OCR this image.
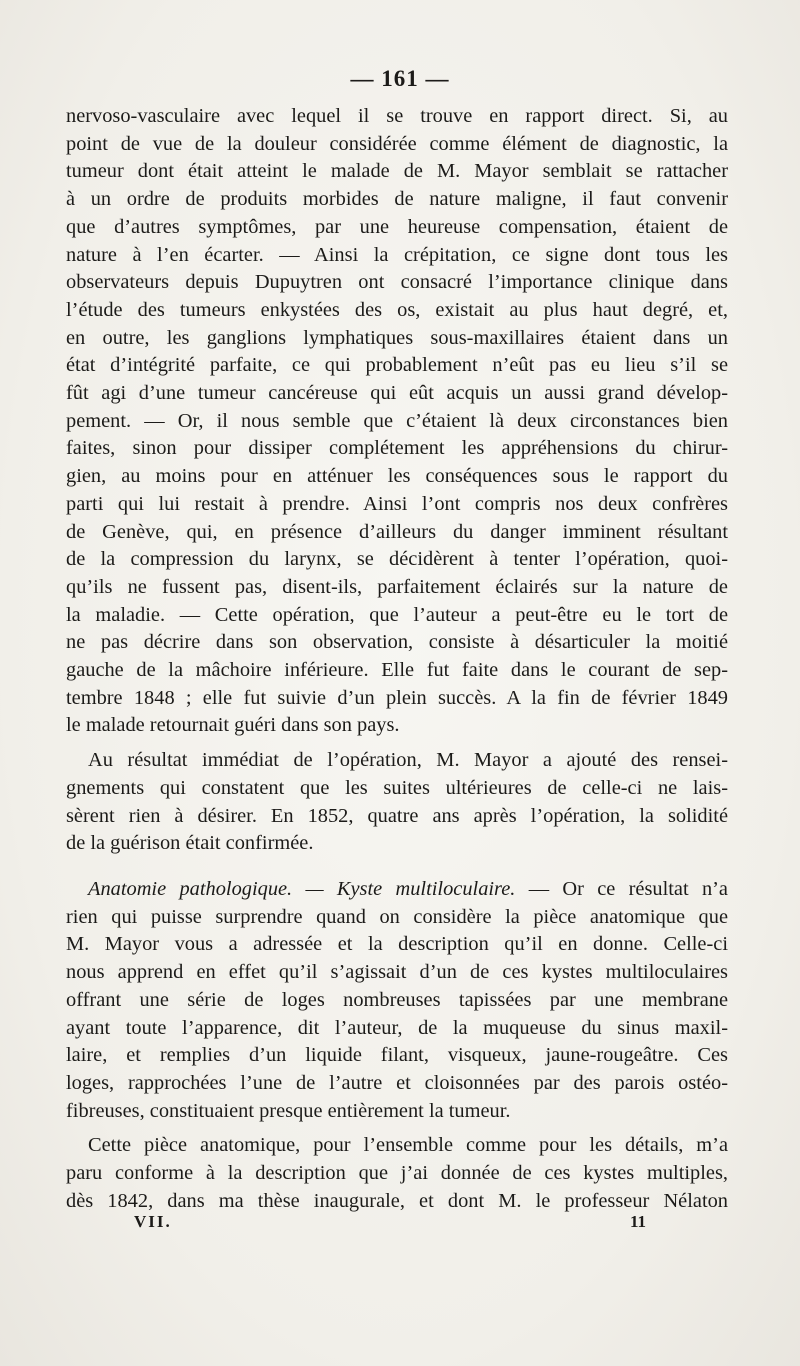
— 161 —
nervoso-vasculaire avec lequel il se trouve en rapport direct. Si, au
point de vue de la douleur considérée comme élément de diagnostic, la
tumeur dont était atteint le malade de M. Mayor semblait se rattacher
à un ordre de produits morbides de nature maligne, il faut convenir
que d’autres symptômes, par une heureuse compensation, étaient de
nature à l’en écarter. — Ainsi la crépitation, ce signe dont tous les
observateurs depuis Dupuytren ont consacré l’importance clinique dans
l’étude des tumeurs enkystées des os, existait au plus haut degré, et,
en outre, les ganglions lymphatiques sous-maxillaires étaient dans un
état d’intégrité parfaite, ce qui probablement n’eût pas eu lieu s’il se
fût agi d’une tumeur cancéreuse qui eût acquis un aussi grand dévelop-
pement. — Or, il nous semble que c’étaient là deux circonstances bien
faites, sinon pour dissiper complétement les appréhensions du chirur-
gien, au moins pour en atténuer les conséquences sous le rapport du
parti qui lui restait à prendre. Ainsi l’ont compris nos deux confrères
de Genève, qui, en présence d’ailleurs du danger imminent résultant
de la compression du larynx, se décidèrent à tenter l’opération, quoi-
qu’ils ne fussent pas, disent-ils, parfaitement éclairés sur la nature de
la maladie. — Cette opération, que l’auteur a peut-être eu le tort de
ne pas décrire dans son observation, consiste à désarticuler la moitié
gauche de la mâchoire inférieure. Elle fut faite dans le courant de sep-
tembre 1848 ; elle fut suivie d’un plein succès. A la fin de février 1849
le malade retournait guéri dans son pays.
Au résultat immédiat de l’opération, M. Mayor a ajouté des rensei-
gnements qui constatent que les suites ultérieures de celle-ci ne lais-
sèrent rien à désirer. En 1852, quatre ans après l’opération, la solidité
de la guérison était confirmée.
Anatomie pathologique. — Kyste multiloculaire. — Or ce résultat n’a
rien qui puisse surprendre quand on considère la pièce anatomique que
M. Mayor vous a adressée et la description qu’il en donne. Celle-ci
nous apprend en effet qu’il s’agissait d’un de ces kystes multiloculaires
offrant une série de loges nombreuses tapissées par une membrane
ayant toute l’apparence, dit l’auteur, de la muqueuse du sinus maxil-
laire, et remplies d’un liquide filant, visqueux, jaune-rougeâtre. Ces
loges, rapprochées l’une de l’autre et cloisonnées par des parois ostéo-
fibreuses, constituaient presque entièrement la tumeur.
Cette pièce anatomique, pour l’ensemble comme pour les détails, m’a
paru conforme à la description que j’ai donnée de ces kystes multiples,
dès 1842, dans ma thèse inaugurale, et dont M. le professeur Nélaton
VII.	11
